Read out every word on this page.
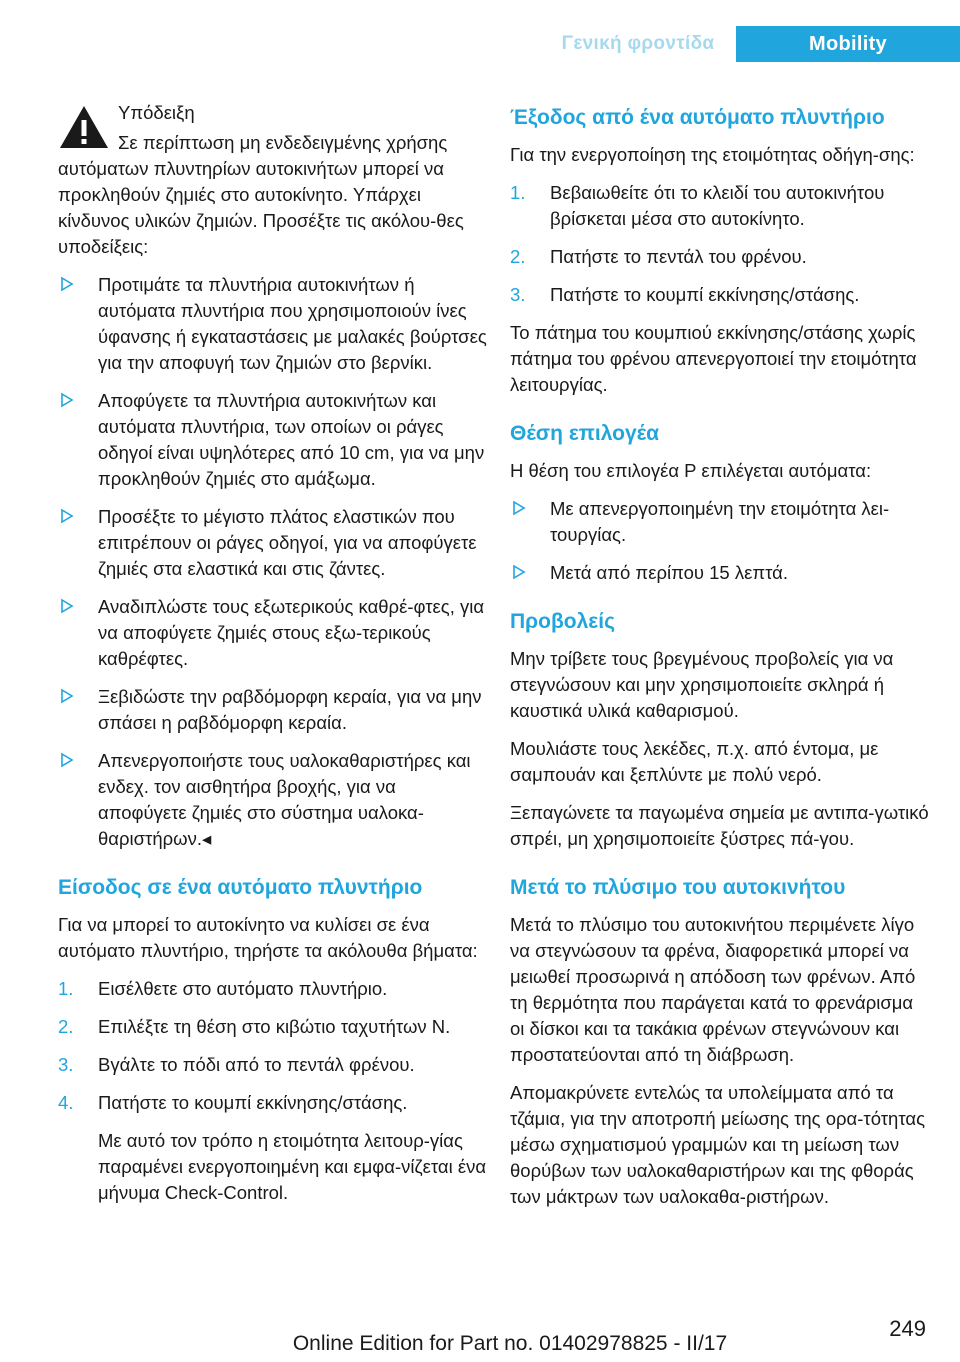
Γενική φροντίδα	Mobility

Υπόδειξη

Σε περίπτωση μη ενδεδειγμένης χρήσης αυτόματων πλυντηρίων αυτοκινήτων μπορεί να προκληθούν ζημιές στο αυτοκίνητο. Υπάρχει κίνδυνος υλικών ζημιών. Προσέξτε τις ακόλου-θες υποδείξεις:

Προτιμάτε τα πλυντήρια αυτοκινήτων ή αυτόματα πλυντήρια που χρησιμοποιούν ίνες ύφανσης ή εγκαταστάσεις με μαλακές βούρτσες για την αποφυγή των ζημιών στο βερνίκι.
Αποφύγετε τα πλυντήρια αυτοκινήτων και αυτόματα πλυντήρια, των οποίων οι ράγες οδηγοί είναι υψηλότερες από 10 cm, για να μην προκληθούν ζημιές στο αμάξωμα.
Προσέξτε το μέγιστο πλάτος ελαστικών που επιτρέπουν οι ράγες οδηγοί, για να αποφύγετε ζημιές στα ελαστικά και στις ζάντες.
Αναδιπλώστε τους εξωτερικούς καθρέ-φτες, για να αποφύγετε ζημιές στους εξω-τερικούς καθρέφτες.
Ξεβιδώστε την ραβδόμορφη κεραία, για να μην σπάσει η ραβδόμορφη κεραία.
Απενεργοποιήστε τους υαλοκαθαριστήρες και ενδεχ. τον αισθητήρα βροχής, για να αποφύγετε ζημιές στο σύστημα υαλοκα-θαριστήρων.◂
Είσοδος σε ένα αυτόματο πλυντήριο

Για να μπορεί το αυτοκίνητο να κυλίσει σε ένα αυτόματο πλυντήριο, τηρήστε τα ακόλουθα βήματα:

1. Εισέλθετε στο αυτόματο πλυντήριο.
2. Επιλέξτε τη θέση στο κιβώτιο ταχυτήτων N.
3. Βγάλτε το πόδι από το πεντάλ φρένου.
4. Πατήστε το κουμπί εκκίνησης/στάσης.

Με αυτό τον τρόπο η ετοιμότητα λειτουρ-γίας παραμένει ενεργοποιημένη και εμφα-νίζεται ένα μήνυμα Check-Control.

Έξοδος από ένα αυτόματο πλυντήριο

Για την ενεργοποίηση της ετοιμότητας οδήγη-σης:

1. Βεβαιωθείτε ότι το κλειδί του αυτοκινήτου βρίσκεται μέσα στο αυτοκίνητο.
2. Πατήστε το πεντάλ του φρένου.
3. Πατήστε το κουμπί εκκίνησης/στάσης.

Το πάτημα του κουμπιού εκκίνησης/στάσης χωρίς πάτημα του φρένου απενεργοποιεί την ετοιμότητα λειτουργίας.

Θέση επιλογέα

Η θέση του επιλογέα P επιλέγεται αυτόματα:

Με απενεργοποιημένη την ετοιμότητα λει-τουργίας.
Μετά από περίπου 15 λεπτά.
Προβολείς

Μην τρίβετε τους βρεγμένους προβολείς για να στεγνώσουν και μην χρησιμοποιείτε σκληρά ή καυστικά υλικά καθαρισμού.

Μουλιάστε τους λεκέδες, π.χ. από έντομα, με σαμπουάν και ξεπλύντε με πολύ νερό.

Ξεπαγώνετε τα παγωμένα σημεία με αντιπα-γωτικό σπρέι, μη χρησιμοποιείτε ξύστρες πά-γου.

Μετά το πλύσιμο του αυτοκινήτου

Μετά το πλύσιμο του αυτοκινήτου περιμένετε λίγο να στεγνώσουν τα φρένα, διαφορετικά μπορεί να μειωθεί προσωρινά η απόδοση των φρένων. Από τη θερμότητα που παράγεται κατά το φρενάρισμα οι δίσκοι και τα τακάκια φρένων στεγνώνουν και προστατεύονται από τη διάβρωση.

Απομακρύνετε εντελώς τα υπολείμματα από τα τζάμια, για την αποτροπή μείωσης της ορα-τότητας μέσω σχηματισμού γραμμών και τη μείωση των θορύβων των υαλοκαθαριστήρων και της φθοράς των μάκτρων των υαλοκαθα-ριστήρων.

249
Online Edition for Part no. 01402978825 - II/17
